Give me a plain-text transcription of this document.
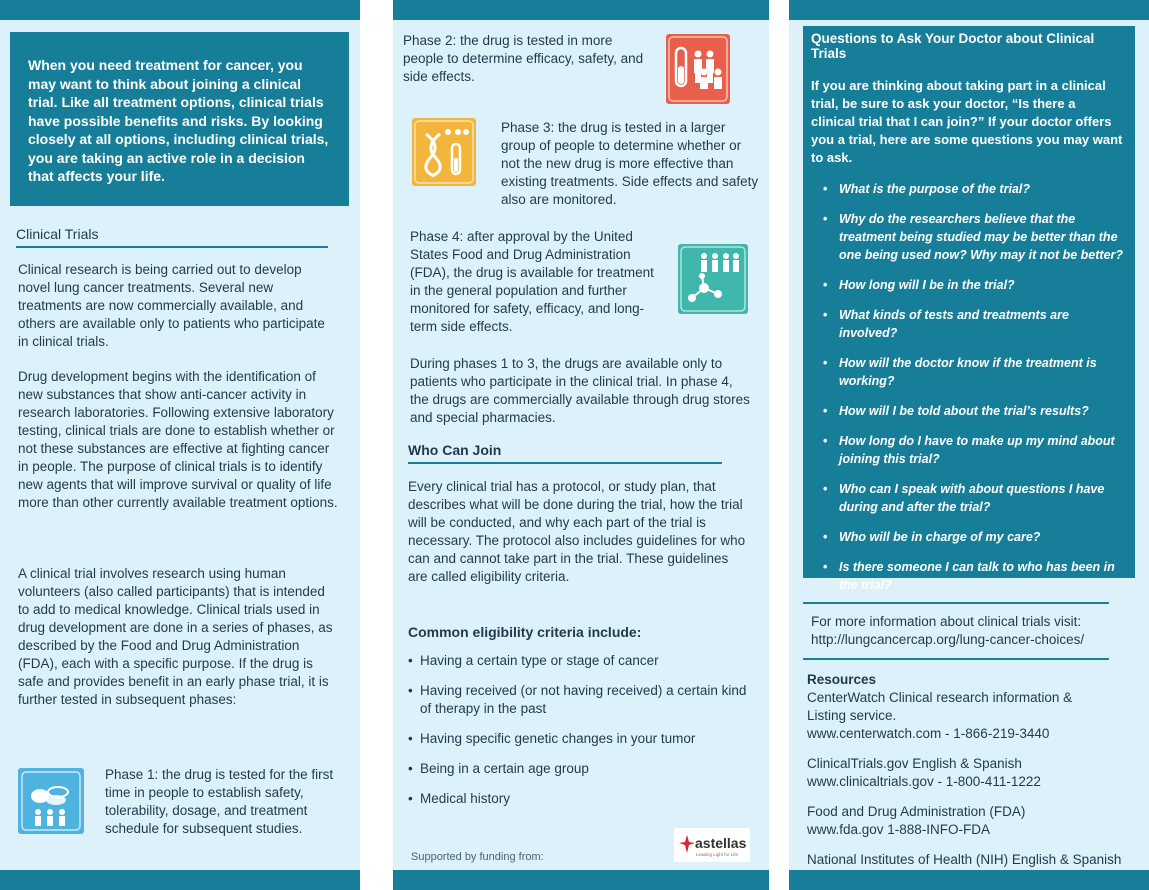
When you need treatment for cancer, you may want to think about joining a clinical trial. Like all treatment options, clinical trials have possible benefits and risks. By looking closely at all options, including clinical trials, you are taking an active role in a decision that affects your life.
Clinical Trials
Clinical research is being carried out to develop novel lung cancer treatments. Several new treatments are now commercially available, and others are available only to patients who participate in clinical trials.
Drug development begins with the identification of new substances that show anti-cancer activity in research laboratories. Following extensive laboratory testing, clinical trials are done to establish whether or not these substances are effective at fighting cancer in people. The purpose of clinical trials is to identify new agents that will improve survival or quality of life more than other currently available treatment options.
A clinical trial involves research using human volunteers (also called participants) that is intended to add to medical knowledge. Clinical trials used in drug development are done in a series of phases, as described by the Food and Drug Administration (FDA), each with a specific purpose. If the drug is safe and provides benefit in an early phase trial, it is further tested in subsequent phases:
Phase 1: the drug is tested for the first time in people to establish safety, tolerability, dosage, and treatment schedule for subsequent studies.
Phase 2: the drug is tested in more people to determine efficacy, safety, and side effects.
Phase 3: the drug is tested in a larger group of people to determine whether or not the new drug is more effective than existing treatments. Side effects and safety also are monitored.
Phase 4: after approval by the United States Food and Drug Administration (FDA), the drug is available for treatment in the general population and further monitored for safety, efficacy, and long-term side effects.
During phases 1 to 3, the drugs are available only to patients who participate in the clinical trial. In phase 4, the drugs are commercially available through drug stores and special pharmacies.
Who Can Join
Every clinical trial has a protocol, or study plan, that describes what will be done during the trial, how the trial will be conducted, and why each part of the trial is necessary. The protocol also includes guidelines for who can and cannot take part in the trial. These guidelines are called eligibility criteria.
Common eligibility criteria include:
• Having a certain type or stage of cancer
• Having received (or not having received) a certain kind of therapy in the past
• Having specific genetic changes in your tumor
• Being in a certain age group
• Medical history
Supported by funding from:
astellas
Leading Light for Life
Questions to Ask Your Doctor about Clinical Trials
If you are thinking about taking part in a clinical trial, be sure to ask your doctor, “Is there a clinical trial that I can join?” If your doctor offers you a trial, here are some questions you may want to ask.
• What is the purpose of the trial?
• Why do the researchers believe that the treatment being studied may be better than the one being used now? Why may it not be better?
• How long will I be in the trial?
• What kinds of tests and treatments are involved?
• How will the doctor know if the treatment is working?
• How will I be told about the trial’s results?
• How long do I have to make up my mind about joining this trial?
• Who can I speak with about questions I have during and after the trial?
• Who will be in charge of my care?
• Is there someone I can talk to who has been in the trial?
For more information about clinical trials visit:
http://lungcancercap.org/lung-cancer-choices/
Resources
CenterWatch Clinical research information &
Listing service.
www.centerwatch.com - 1-866-219-3440
ClinicalTrials.gov English & Spanish
www.clinicaltrials.gov - 1-800-411-1222
Food and Drug Administration (FDA)
www.fda.gov 1-888-INFO-FDA
National Institutes of Health (NIH) English & Spanish
